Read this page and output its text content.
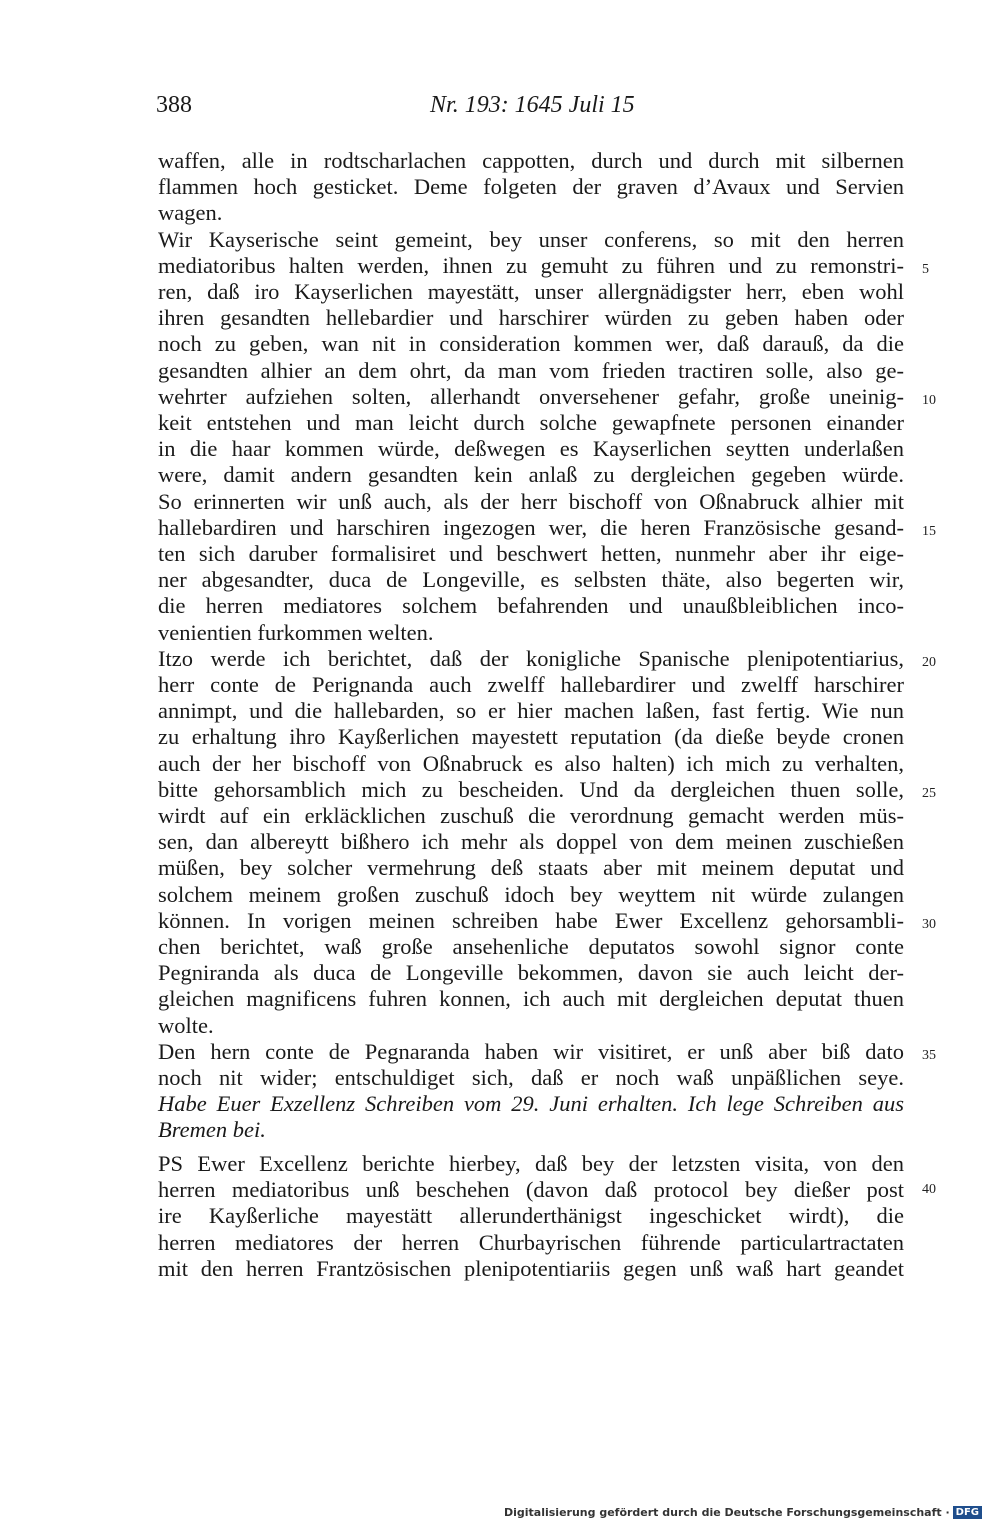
388	Nr. 193: 1645 Juli 15
waffen, alle in rodtscharlachen cappotten, durch und durch mit silbernen
flammen hoch gesticket. Deme folgeten der graven d’Avaux und Servien
wagen.
Wir Kayserische seint gemeint, bey unser conferens, so mit den herren
mediatoribus halten werden, ihnen zu gemuht zu führen und zu remonstri-
ren, daß iro Kayserlichen mayestätt, unser allergnädigster herr, eben wohl
ihren gesandten hellebardier und harschirer würden zu geben haben oder
noch zu geben, wan nit in consideration kommen wer, daß darauß, da die
gesandten alhier an dem ohrt, da man vom frieden tractiren solle, also ge-
wehrter aufziehen solten, allerhandt onversehener gefahr, große uneinig-
keit entstehen und man leicht durch solche gewapfnete personen einander
in die haar kommen würde, deßwegen es Kayserlichen seytten underlaßen
were, damit andern gesandten kein anlaß zu dergleichen gegeben würde.
So erinnerten wir unß auch, als der herr bischoff von Oßnabruck alhier mit
hallebardiren und harschiren ingezogen wer, die heren Französische gesand-
ten sich daruber formalisiret und beschwert hetten, nunmehr aber ihr eige-
ner abgesandter, duca de Longeville, es selbsten thäte, also begerten wir,
die herren mediatores solchem befahrenden und unaußbleiblichen inco-
venientien furkommen welten.
Itzo werde ich berichtet, daß der konigliche Spanische plenipotentiarius,
herr conte de Perignanda auch zwelff hallebardirer und zwelff harschirer
annimpt, und die hallebarden, so er hier machen laßen, fast fertig. Wie nun
zu erhaltung ihro Kayßerlichen mayestett reputation (da dieße beyde cronen
auch der her bischoff von Oßnabruck es also halten) ich mich zu verhalten,
bitte gehorsamblich mich zu bescheiden. Und da dergleichen thuen solle,
wirdt auf ein erkläcklichen zuschuß die verordnung gemacht werden müs-
sen, dan albereytt bißhero ich mehr als doppel von dem meinen zuschießen
müßen, bey solcher vermehrung deß staats aber mit meinem deputat und
solchem meinem großen zuschuß idoch bey weyttem nit würde zulangen
können. In vorigen meinen schreiben habe Ewer Excellenz gehorsambli-
chen berichtet, waß große ansehenliche deputatos sowohl signor conte
Pegniranda als duca de Longeville bekommen, davon sie auch leicht der-
gleichen magnificens fuhren konnen, ich auch mit dergleichen deputat thuen
wolte.
Den hern conte de Pegnaranda haben wir visitiret, er unß aber biß dato
noch nit wider; entschuldiget sich, daß er noch waß unpäßlichen seye.
Habe Euer Exzellenz Schreiben vom 29. Juni erhalten. Ich lege Schreiben aus
Bremen bei.
PS Ewer Excellenz berichte hierbey, daß bey der letzsten visita, von den
herren mediatoribus unß beschehen (davon daß protocol bey dießer post
ire Kayßerliche mayestätt allerunderthänigst ingeschicket wirdt), die
herren mediatores der herren Churbayrischen führende particulartractaten
mit den herren Frantzösischen plenipotentiariis gegen unß waß hart geandet
5
10
15
20
25
30
35
40
Digitalisierung gefördert durch die Deutsche Forschungsgemeinschaft · DFG
